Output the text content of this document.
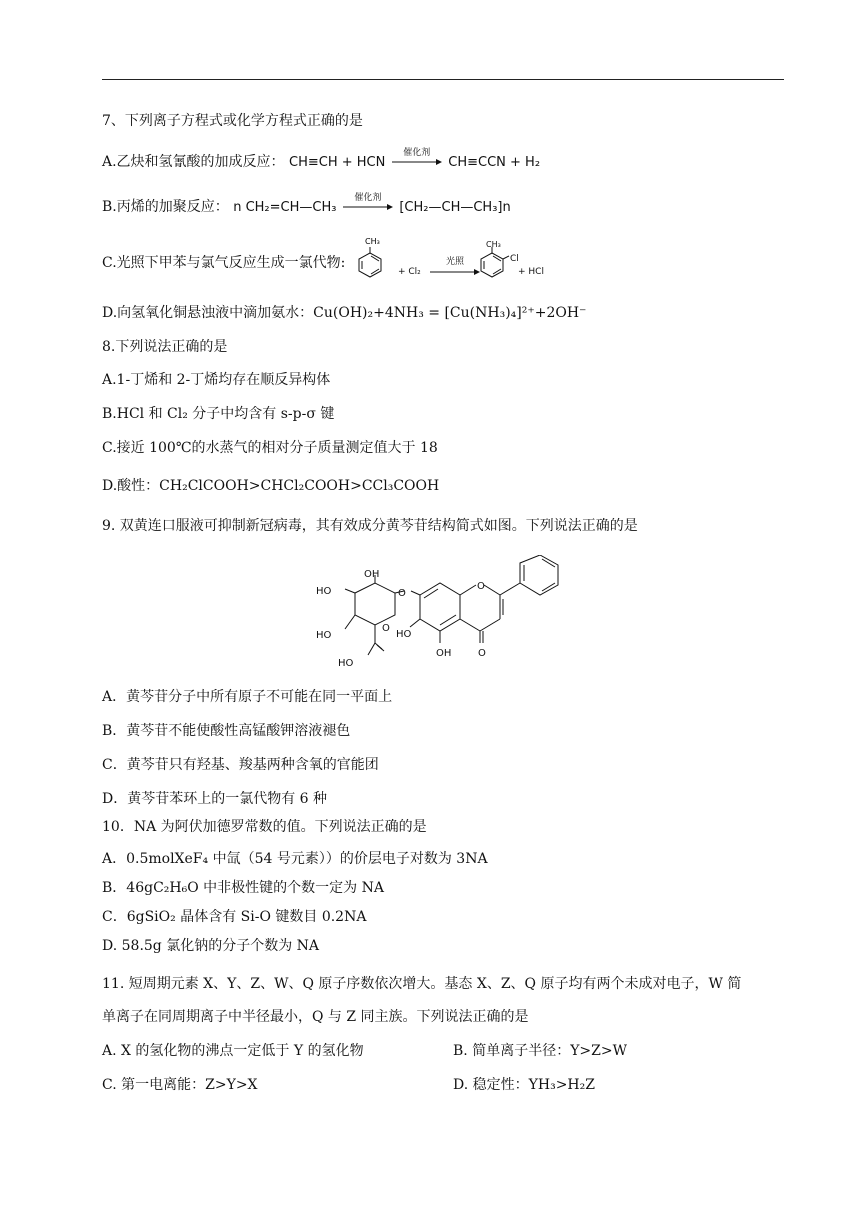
7、下列离子方程式或化学方程式正确的是
A.乙炔和氢氰酸的加成反应： CH≡CH + HCN
催化剂
CH≡CCN + H₂
B.丙烯的加聚反应： n CH₂=CH—CH₃
催化剂
[CH₂—CH—CH₃]n
C.光照下甲苯与氯气反应生成一氯代物:
CH₃
+ Cl₂
光照
CH₃
Cl
+ HCl
D.向氢氧化铜悬浊液中滴加氨水：Cu(OH)₂+4NH₃ = [Cu(NH₃)₄]²⁺+2OH⁻
8.下列说法正确的是
A.1-丁烯和 2-丁烯均存在顺反异构体
B.HCl 和 Cl₂ 分子中均含有 s-p-σ 键
C.接近 100℃的水蒸气的相对分子质量测定值大于 18
D.酸性：CH₂ClCOOH>CHCl₂COOH>CCl₃COOH
9. 双黄连口服液可抑制新冠病毒，其有效成分黄芩苷结构简式如图。下列说法正确的是
OH
HO	O
HO
O
HO
HO
O
OH	O
A．黄芩苷分子中所有原子不可能在同一平面上
B．黄芩苷不能使酸性高锰酸钾溶液褪色
C．黄芩苷只有羟基、羧基两种含氧的官能团
D．黄芩苷苯环上的一氯代物有 6 种
10．NA 为阿伏加德罗常数的值。下列说法正确的是
A．0.5molXeF₄ 中氙（54 号元素））的价层电子对数为 3NA
B．46gC₂H₆O 中非极性键的个数一定为 NA
C．6gSiO₂ 晶体含有 Si-O 键数目 0.2NA
D. 58.5g 氯化钠的分子个数为 NA
11. 短周期元素 X、Y、Z、W、Q 原子序数依次增大。基态 X、Z、Q 原子均有两个未成对电子，W 简
单离子在同周期离子中半径最小，Q 与 Z 同主族。下列说法正确的是
A. X 的氢化物的沸点一定低于 Y 的氢化物	B. 简单离子半径：Y>Z>W
C. 第一电离能：Z>Y>X	D. 稳定性：YH₃>H₂Z
